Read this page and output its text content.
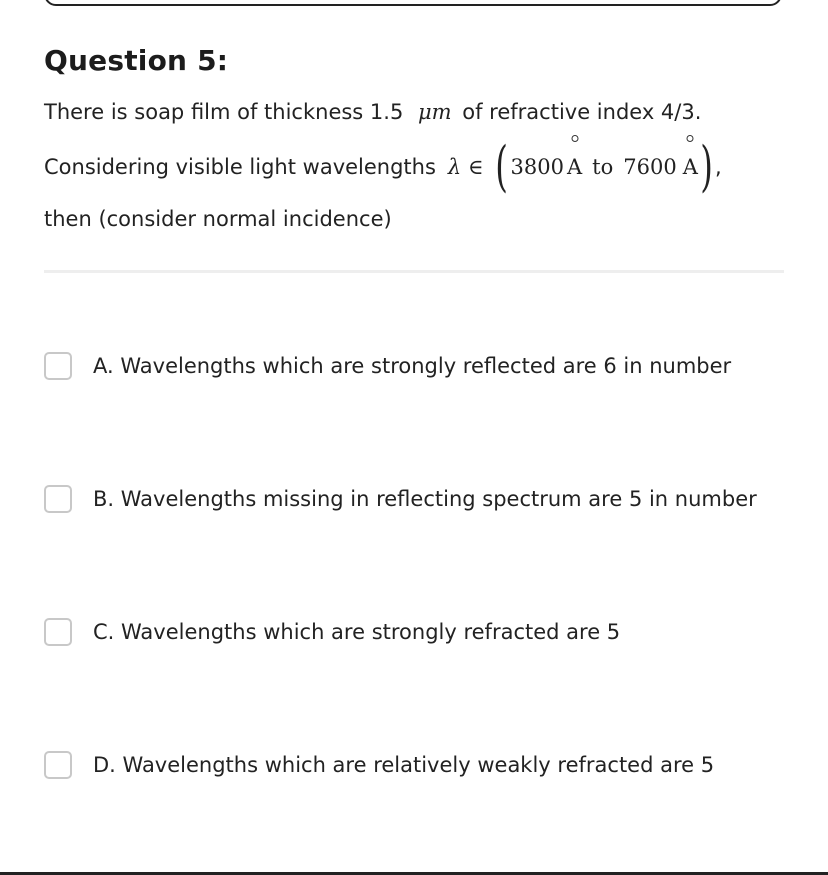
Question 5:
There is soap film of thickness 1.5 μm of refractive index 4/3.
Considering visible light wavelengths λ ∈ ( 3800 A to 7600 A ) ,
then (consider normal incidence)
A. Wavelengths which are strongly reflected are 6 in number
B. Wavelengths missing in reflecting spectrum are 5 in number
C. Wavelengths which are strongly refracted are 5
D. Wavelengths which are relatively weakly refracted are 5
